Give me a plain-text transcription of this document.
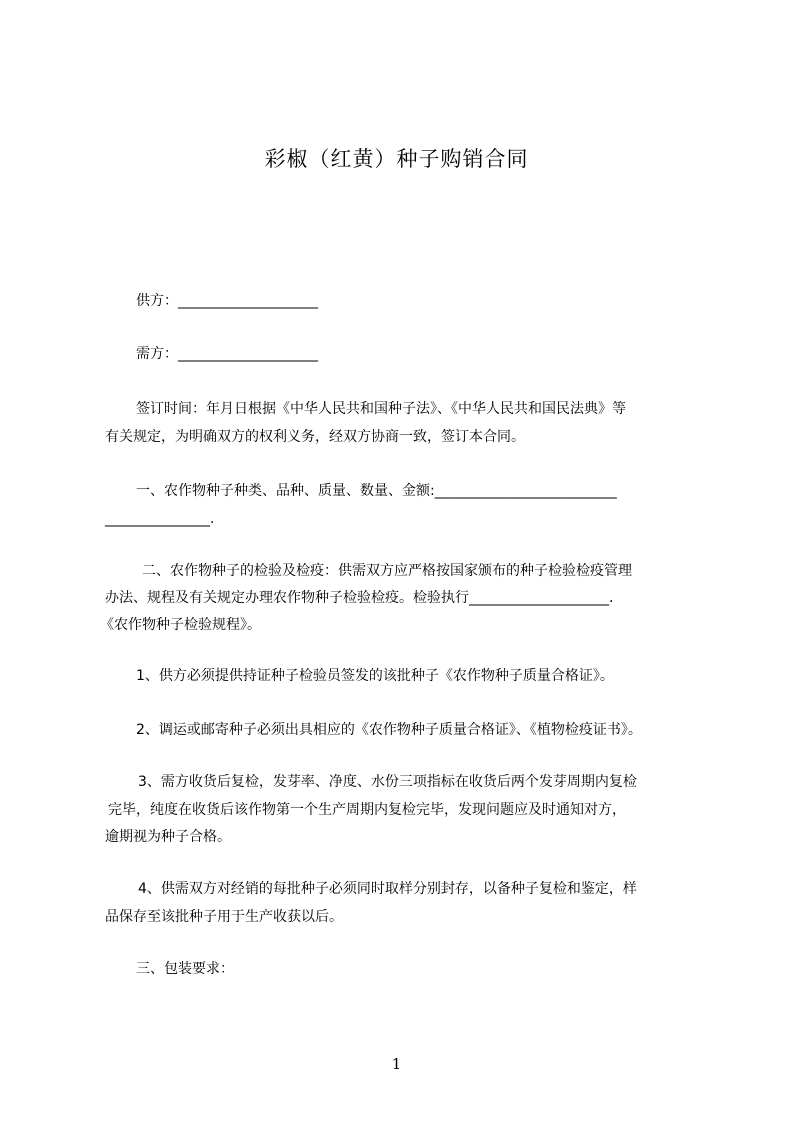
彩椒（红黄）种子购销合同
供方：____________________
需方：____________________
签订时间：年月日根据《中华人民共和国种子法》、《中华人民共和国民法典》等
有关规定，为明确双方的权利义务，经双方协商一致，签订本合同。
一、农作物种子种类、品种、质量、数量、金额:__________________________
_______________.
二、农作物种子的检验及检疫：供需双方应严格按国家颁布的种子检验检疫管理
办法、规程及有关规定办理农作物种子检验检疫。检验执行____________________.
《农作物种子检验规程》。
1、供方必须提供持证种子检验员签发的该批种子《农作物种子质量合格证》。
2、调运或邮寄种子必须出具相应的《农作物种子质量合格证》、《植物检疫证书》。
3、需方收货后复检，发芽率、净度、水份三项指标在收货后两个发芽周期内复检
完毕，纯度在收货后该作物第一个生产周期内复检完毕，发现问题应及时通知对方，
逾期视为种子合格。
4、供需双方对经销的每批种子必须同时取样分别封存，以备种子复检和鉴定，样
品保存至该批种子用于生产收获以后。
三、包装要求：
1
